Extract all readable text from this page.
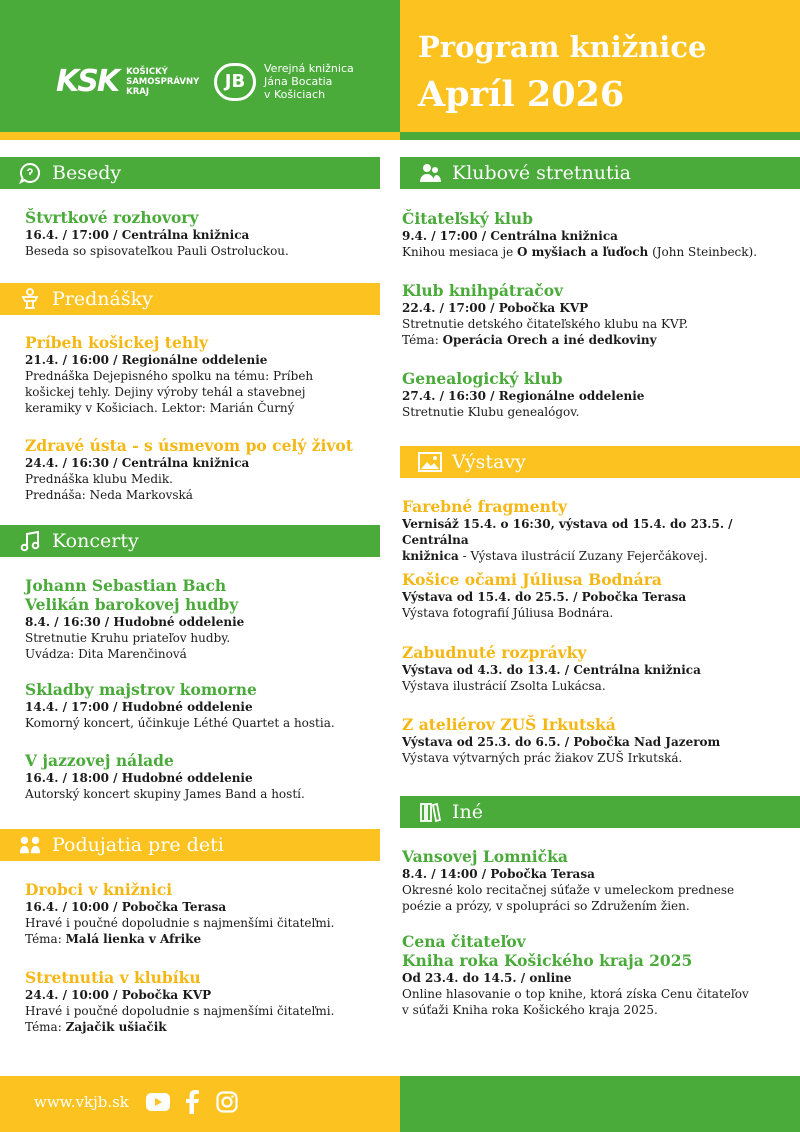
KSK KOŠICKÝ
SAMOSPRÁVNY
KRAJ	JB
Verejná knižnica
Jána Bocatia
v Košiciach
Program knižnice
Apríl 2026
Besedy
Štvrtkové rozhovory
16.4. / 17:00 / Centrálna knižnica
Beseda so spisovateľkou Pauli Ostroluckou.
Prednášky
Príbeh košickej tehly
21.4. / 16:00 / Regionálne oddelenie
Prednáška Dejepisného spolku na tému: Príbeh
košickej tehly. Dejiny výroby tehál a stavebnej
keramiky v Košiciach. Lektor: Marián Čurný
Zdravé ústa - s úsmevom po celý život
24.4. / 16:30 / Centrálna knižnica
Prednáška klubu Medik.
Prednáša: Neda Markovská
Koncerty
Johann Sebastian Bach
Velikán barokovej hudby
8.4. / 16:30 / Hudobné oddelenie
Stretnutie Kruhu priateľov hudby.
Uvádza: Dita Marenčinová
Skladby majstrov komorne
14.4. / 17:00 / Hudobné oddelenie
Komorný koncert, účinkuje Léthé Quartet a hostia.
V jazzovej nálade
16.4. / 18:00 / Hudobné oddelenie
Autorský koncert skupiny James Band a hostí.
Podujatia pre deti
Drobci v knižnici
16.4. / 10:00 / Pobočka Terasa
Hravé i poučné dopoludnie s najmenšími čitateľmi.
Téma: Malá lienka v Afrike
Stretnutia v klubíku
24.4. / 10:00 / Pobočka KVP
Hravé i poučné dopoludnie s najmenšími čitateľmi.
Téma: Zajačik ušiačik
Klubové stretnutia
Čitateľský klub
9.4. / 17:00 / Centrálna knižnica
Knihou mesiaca je O myšiach a ľuďoch (John Steinbeck).
Klub knihpátračov
22.4. / 17:00 / Pobočka KVP
Stretnutie detského čitateľského klubu na KVP.
Téma: Operácia Orech a iné dedkoviny
Genealogický klub
27.4. / 16:30 / Regionálne oddelenie
Stretnutie Klubu genealógov.
Výstavy
Farebné fragmenty
Vernisáž 15.4. o 16:30, výstava od 15.4. do 23.5. / Centrálna
knižnica - Výstava ilustrácií Zuzany Fejerčákovej.
Košice očami Júliusa Bodnára
Výstava od 15.4. do 25.5. / Pobočka Terasa
Výstava fotografií Júliusa Bodnára.
Zabudnuté rozprávky
Výstava od 4.3. do 13.4. / Centrálna knižnica
Výstava ilustrácií Zsolta Lukácsa.
Z ateliérov ZUŠ Irkutská
Výstava od 25.3. do 6.5. / Pobočka Nad Jazerom
Výstava výtvarných prác žiakov ZUŠ Irkutská.
Iné
Vansovej Lomnička
8.4. / 14:00 / Pobočka Terasa
Okresné kolo recitačnej súťaže v umeleckom prednese
poézie a prózy, v spolupráci so Združením žien.
Cena čitateľov
Kniha roka Košického kraja 2025
Od 23.4. do 14.5. / online
Online hlasovanie o top knihe, ktorá získa Cenu čitateľov
v súťaži Kniha roka Košického kraja 2025.
www.vkjb.sk
